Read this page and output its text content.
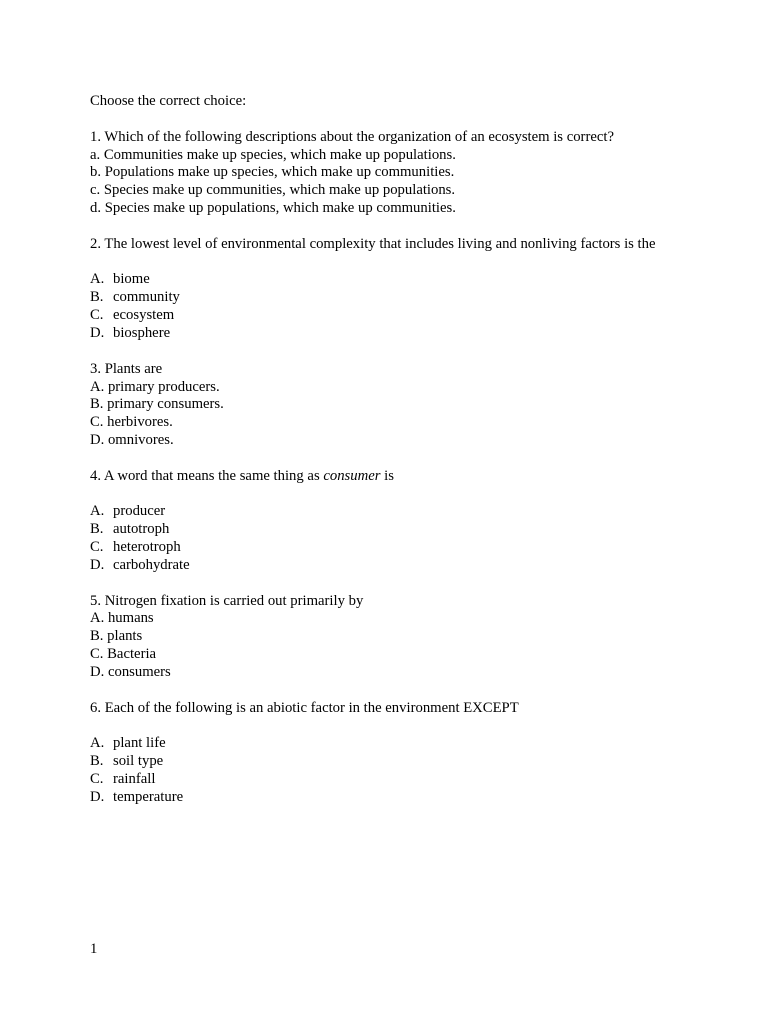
Choose the correct choice:

1. Which of the following descriptions about the organization of an ecosystem is correct?

a. Communities make up species, which make up populations.

b. Populations make up species, which make up communities.

c. Species make up communities, which make up populations.

d. Species make up populations, which make up communities.

2. The lowest level of environmental complexity that includes living and nonliving factors is the

A. biome

B. community

C. ecosystem

D. biosphere

3. Plants are

A. primary producers.

B. primary consumers.

C. herbivores.

D. omnivores.

4. A word that means the same thing as consumer is

A. producer

B. autotroph

C. heterotroph

D. carbohydrate

5. Nitrogen fixation is carried out primarily by

A. humans

B. plants

C. Bacteria

D. consumers

6. Each of the following is an abiotic factor in the environment EXCEPT

A. plant life

B. soil type

C. rainfall

D. temperature

1
